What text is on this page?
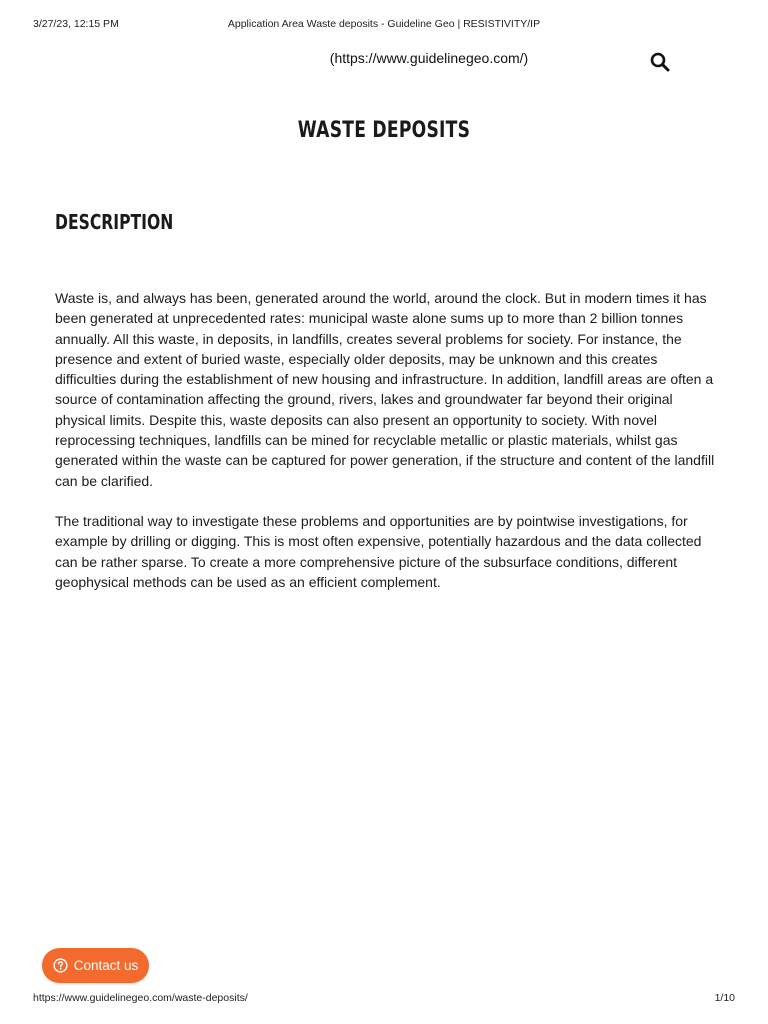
3/27/23, 12:15 PM	Application Area Waste deposits - Guideline Geo | RESISTIVITY/IP
(https://www.guidelinegeo.com/)
WASTE DEPOSITS
DESCRIPTION

Waste is, and always has been, generated around the world, around the clock. But in modern times it has been generated at unprecedented rates: municipal waste alone sums up to more than 2 billion tonnes annually. All this waste, in deposits, in landfills, creates several problems for society. For instance, the presence and extent of buried waste, especially older deposits, may be unknown and this creates difficulties during the establishment of new housing and infrastructure. In addition, landfill areas are often a source of contamination affecting the ground, rivers, lakes and groundwater far beyond their original physical limits. Despite this, waste deposits can also present an opportunity to society. With novel reprocessing techniques, landfills can be mined for recyclable metallic or plastic materials, whilst gas generated within the waste can be captured for power generation, if the structure and content of the landfill can be clarified.

The traditional way to investigate these problems and opportunities are by pointwise investigations, for example by drilling or digging. This is most often expensive, potentially hazardous and the data collected can be rather sparse. To create a more comprehensive picture of the subsurface conditions, different geophysical methods can be used as an efficient complement.

Contact us
https://www.guidelinegeo.com/waste-deposits/	1/10
